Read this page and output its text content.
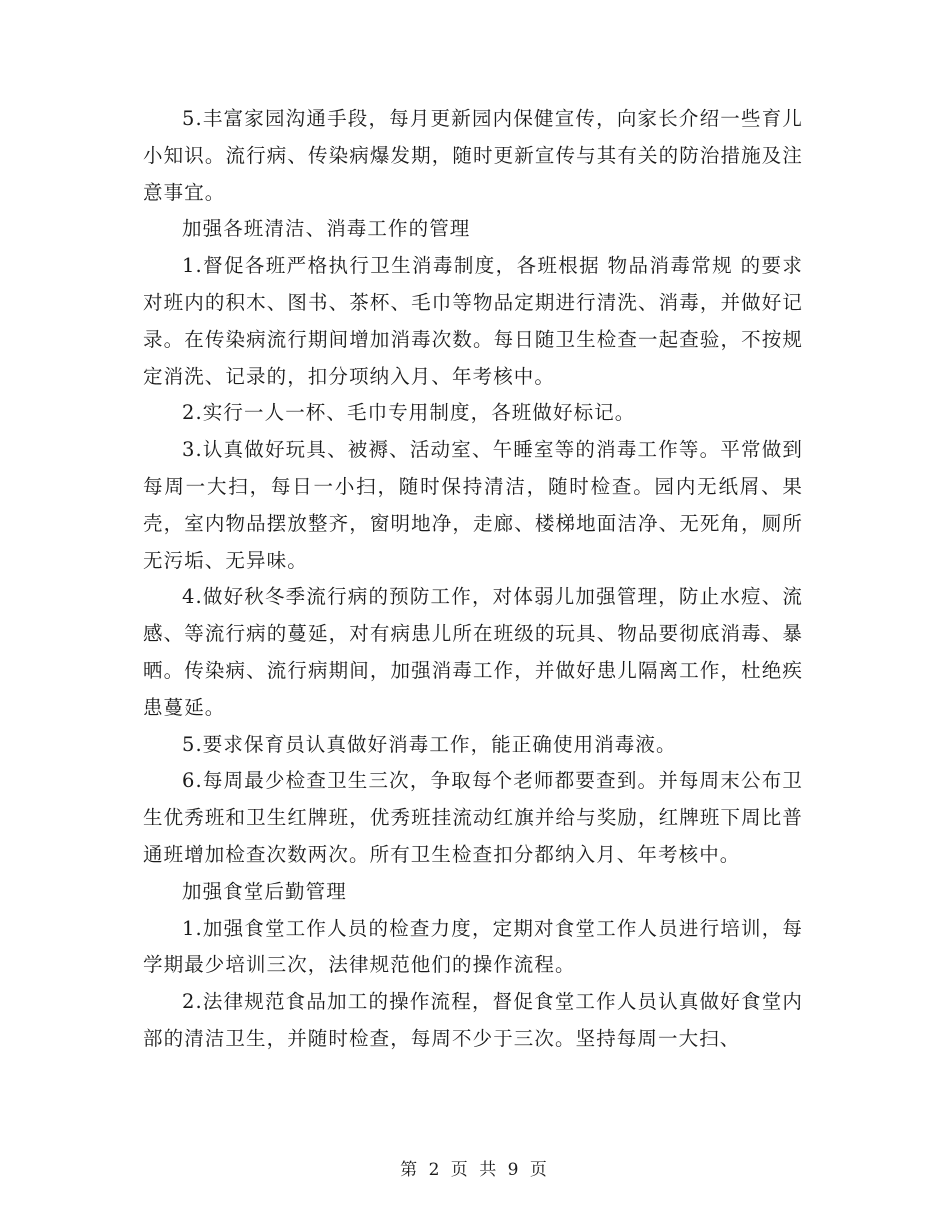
5.丰富家园沟通手段，每月更新园内保健宣传，向家长介绍一些育儿小知识。流行病、传染病爆发期，随时更新宣传与其有关的防治措施及注意事宜。

加强各班清洁、消毒工作的管理

1.督促各班严格执行卫生消毒制度，各班根据 物品消毒常规 的要求对班内的积木、图书、茶杯、毛巾等物品定期进行清洗、消毒，并做好记录。在传染病流行期间增加消毒次数。每日随卫生检查一起查验，不按规定消洗、记录的，扣分项纳入月、年考核中。

2.实行一人一杯、毛巾专用制度，各班做好标记。

3.认真做好玩具、被褥、活动室、午睡室等的消毒工作等。平常做到每周一大扫，每日一小扫，随时保持清洁，随时检查。园内无纸屑、果壳，室内物品摆放整齐，窗明地净，走廊、楼梯地面洁净、无死角，厕所无污垢、无异味。

4.做好秋冬季流行病的预防工作，对体弱儿加强管理，防止水痘、流感、等流行病的蔓延，对有病患儿所在班级的玩具、物品要彻底消毒、暴晒。传染病、流行病期间，加强消毒工作，并做好患儿隔离工作，杜绝疾患蔓延。

5.要求保育员认真做好消毒工作，能正确使用消毒液。

6.每周最少检查卫生三次，争取每个老师都要查到。并每周末公布卫生优秀班和卫生红牌班，优秀班挂流动红旗并给与奖励，红牌班下周比普通班增加检查次数两次。所有卫生检查扣分都纳入月、年考核中。

加强食堂后勤管理

1.加强食堂工作人员的检查力度，定期对食堂工作人员进行培训，每学期最少培训三次，法律规范他们的操作流程。

2.法律规范食品加工的操作流程，督促食堂工作人员认真做好食堂内部的清洁卫生，并随时检查，每周不少于三次。坚持每周一大扫、

第 2 页 共 9 页
